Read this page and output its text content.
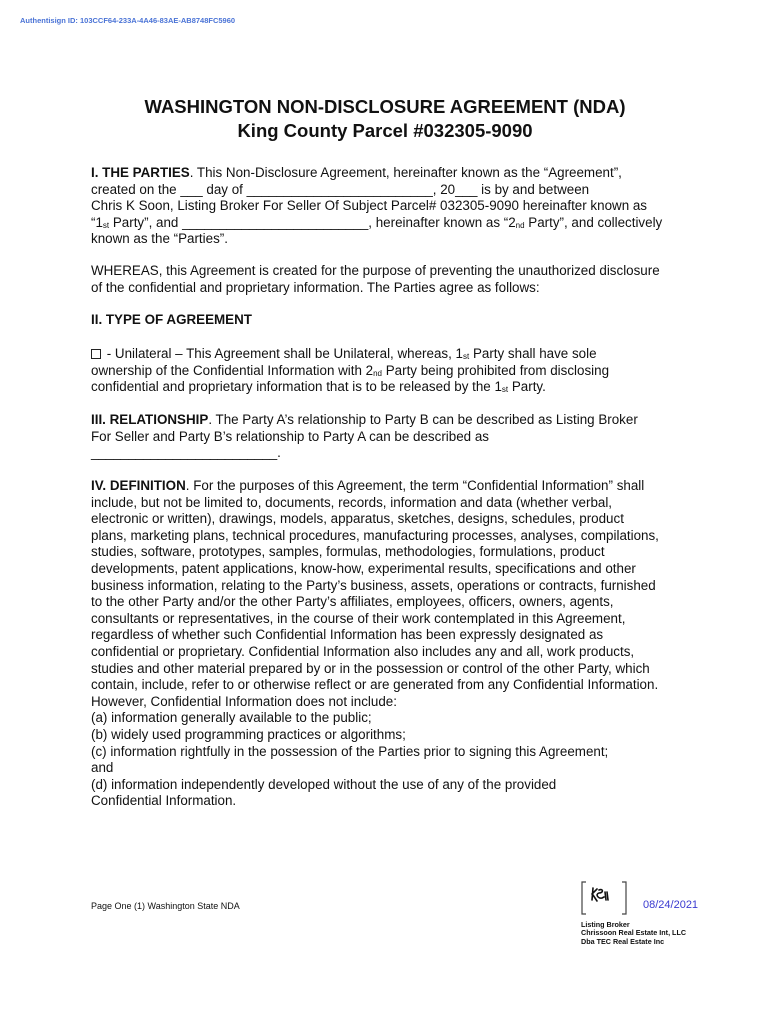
Authentisign ID: 103CCF64-233A-4A46-83AE-AB8748FC5960
WASHINGTON NON-DISCLOSURE AGREEMENT (NDA)
King County Parcel #032305-9090
I. THE PARTIES. This Non-Disclosure Agreement, hereinafter known as the “Agreement”,
created on the ___ day of _________________________, 20___ is by and between
Chris K Soon, Listing Broker For Seller Of Subject Parcel# 032305-9090 hereinafter known as
“$1_{st}$ Party”, and _________________________, hereinafter known as “$2_{nd}$ Party”, and collectively
known as the “Parties”.
WHEREAS, this Agreement is created for the purpose of preventing the unauthorized disclosure
of the confidential and proprietary information. The Parties agree as follows:
II. TYPE OF AGREEMENT
- Unilateral – This Agreement shall be Unilateral, whereas, $1_{st}$ Party shall have sole
ownership of the Confidential Information with $2_{nd}$ Party being prohibited from disclosing
confidential and proprietary information that is to be released by the $1_{st}$ Party.
III. RELATIONSHIP. The Party A’s relationship to Party B can be described as Listing Broker
For Seller and Party B’s relationship to Party A can be described as
_________________________.
IV. DEFINITION. For the purposes of this Agreement, the term “Confidential Information” shall
include, but not be limited to, documents, records, information and data (whether verbal,
electronic or written), drawings, models, apparatus, sketches, designs, schedules, product
plans, marketing plans, technical procedures, manufacturing processes, analyses, compilations,
studies, software, prototypes, samples, formulas, methodologies, formulations, product
developments, patent applications, know-how, experimental results, specifications and other
business information, relating to the Party’s business, assets, operations or contracts, furnished
to the other Party and/or the other Party’s affiliates, employees, officers, owners, agents,
consultants or representatives, in the course of their work contemplated in this Agreement,
regardless of whether such Confidential Information has been expressly designated as
confidential or proprietary. Confidential Information also includes any and all, work products,
studies and other material prepared by or in the possession or control of the other Party, which
contain, include, refer to or otherwise reflect or are generated from any Confidential Information.
However, Confidential Information does not include:
(a) information generally available to the public;
(b) widely used programming practices or algorithms;
(c) information rightfully in the possession of the Parties prior to signing this Agreement;
and
(d) information independently developed without the use of any of the provided
Confidential Information.
Page One (1) Washington State NDA	08/24/2021
Listing Broker
Chrissoon Real Estate Int, LLC
Dba TEC Real Estate Inc
